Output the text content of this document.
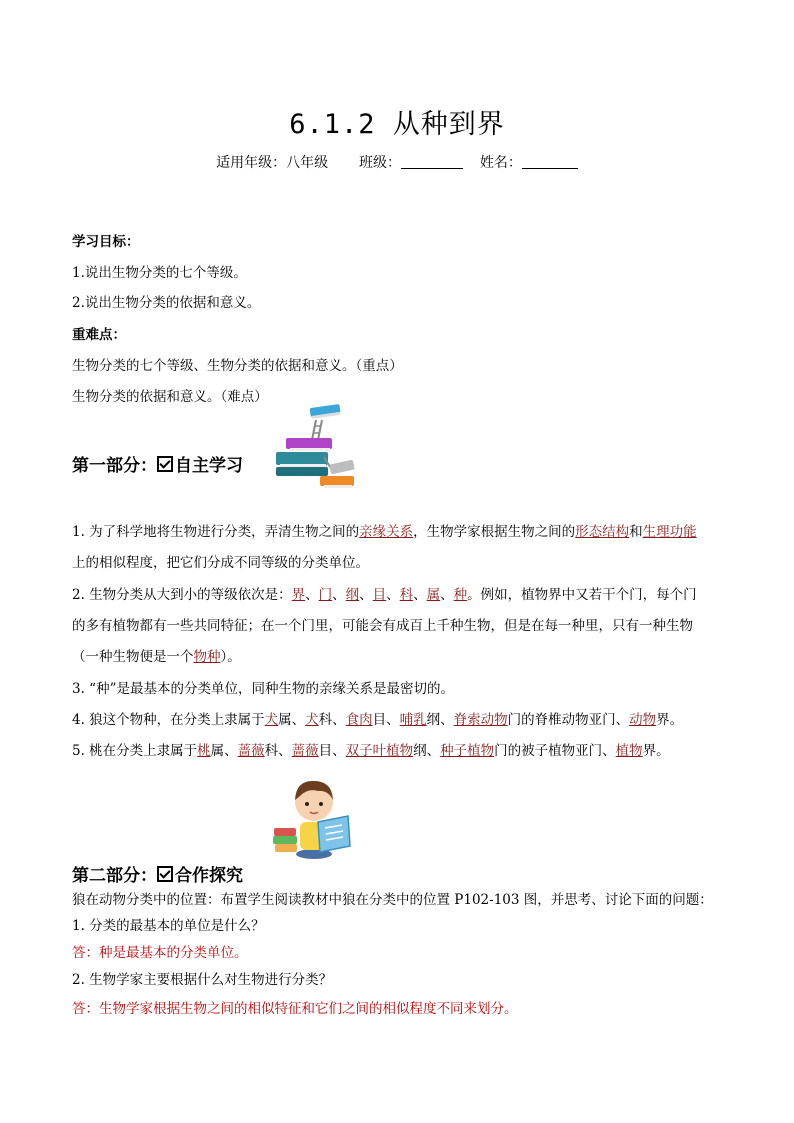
6.1.2 从种到界
适用年级：八年级 班级：	姓名：
学习目标：
1.说出生物分类的七个等级。
2.说出生物分类的依据和意义。
重难点：
生物分类的七个等级、生物分类的依据和意义。（重点）
生物分类的依据和意义。（难点）
第一部分： 自主学习
1. 为了科学地将生物进行分类，弄清生物之间的亲缘关系，生物学家根据生物之间的形态结构和生理功能
上的相似程度，把它们分成不同等级的分类单位。
2. 生物分类从大到小的等级依次是：界、门、纲、目、科、属、种。例如，植物界中又若干个门，每个门
的多有植物都有一些共同特征；在一个门里，可能会有成百上千种生物，但是在每一种里，只有一种生物
（一种生物便是一个物种）。
3. “种”是最基本的分类单位，同种生物的亲缘关系是最密切的。
4. 狼这个物种，在分类上隶属于犬属、犬科、食肉目、哺乳纲、脊索动物门的脊椎动物亚门、动物界。
5. 桃在分类上隶属于桃属、蔷薇科、蔷薇目、双子叶植物纲、种子植物门的被子植物亚门、植物界。
第二部分： 合作探究
狼在动物分类中的位置：布置学生阅读教材中狼在分类中的位置 P102-103 图，并思考、讨论下面的问题：
1. 分类的最基本的单位是什么？
答：种是最基本的分类单位。
2. 生物学家主要根据什么对生物进行分类？
答：生物学家根据生物之间的相似特征和它们之间的相似程度不同来划分。
